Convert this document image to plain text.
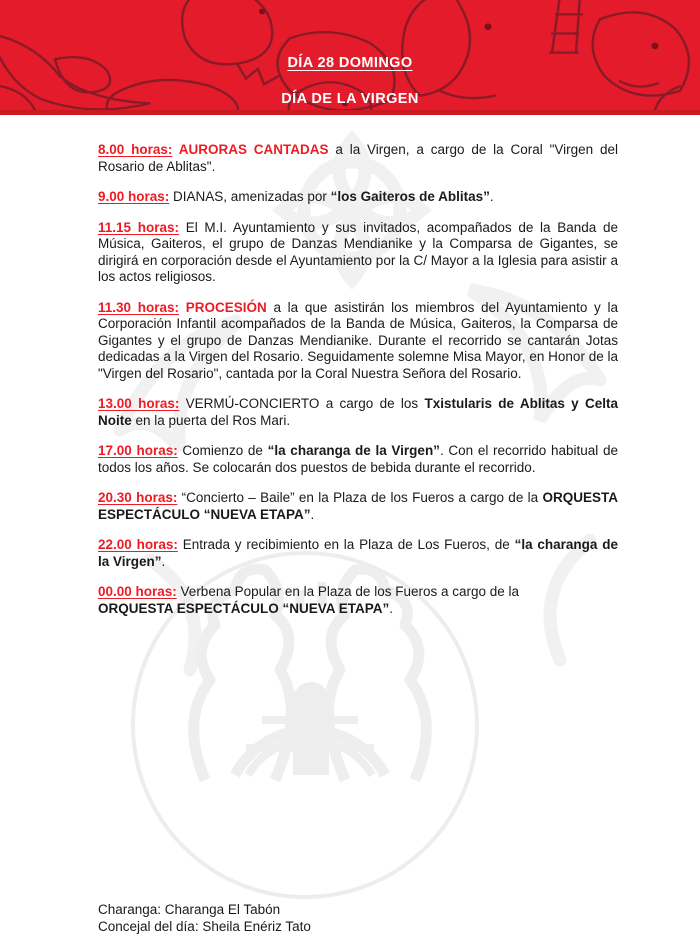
DÍA 28 DOMINGO
DÍA DE LA VIRGEN

8.00 horas: AURORAS CANTADAS a la Virgen, a cargo de la Coral "Virgen del Rosario de Ablitas".

9.00 horas: DIANAS, amenizadas por “los Gaiteros de Ablitas”.

11.15 horas: El M.I. Ayuntamiento y sus invitados, acompañados de la Banda de Música, Gaiteros, el grupo de Danzas Mendianike y la Comparsa de Gigantes, se dirigirá en corporación desde el Ayuntamiento por la C/ Mayor a la Iglesia para asistir a los actos religiosos.

11.30 horas: PROCESIÓN a la que asistirán los miembros del Ayuntamiento y la Corporación Infantil acompañados de la Banda de Música, Gaiteros, la Comparsa de Gigantes y el grupo de Danzas Mendianike. Durante el recorrido se cantarán Jotas dedicadas a la Virgen del Rosario. Seguidamente solemne Misa Mayor, en Honor de la "Virgen del Rosario", cantada por la Coral Nuestra Señora del Rosario.

13.00 horas: VERMÚ-CONCIERTO a cargo de los Txistularis de Ablitas y Celta Noite en la puerta del Ros Mari.

17.00 horas: Comienzo de “la charanga de la Virgen”. Con el recorrido habitual de todos los años. Se colocarán dos puestos de bebida durante el recorrido.

20.30 horas: “Concierto – Baile” en la Plaza de los Fueros a cargo de la ORQUESTA ESPECTÁCULO “NUEVA ETAPA”.

22.00 horas: Entrada y recibimiento en la Plaza de Los Fueros, de “la charanga de la Virgen”.

00.00 horas: Verbena Popular en la Plaza de los Fueros a cargo de la
ORQUESTA ESPECTÁCULO “NUEVA ETAPA”.

Charanga: Charanga El Tabón
Concejal del día: Sheila Enériz Tato
